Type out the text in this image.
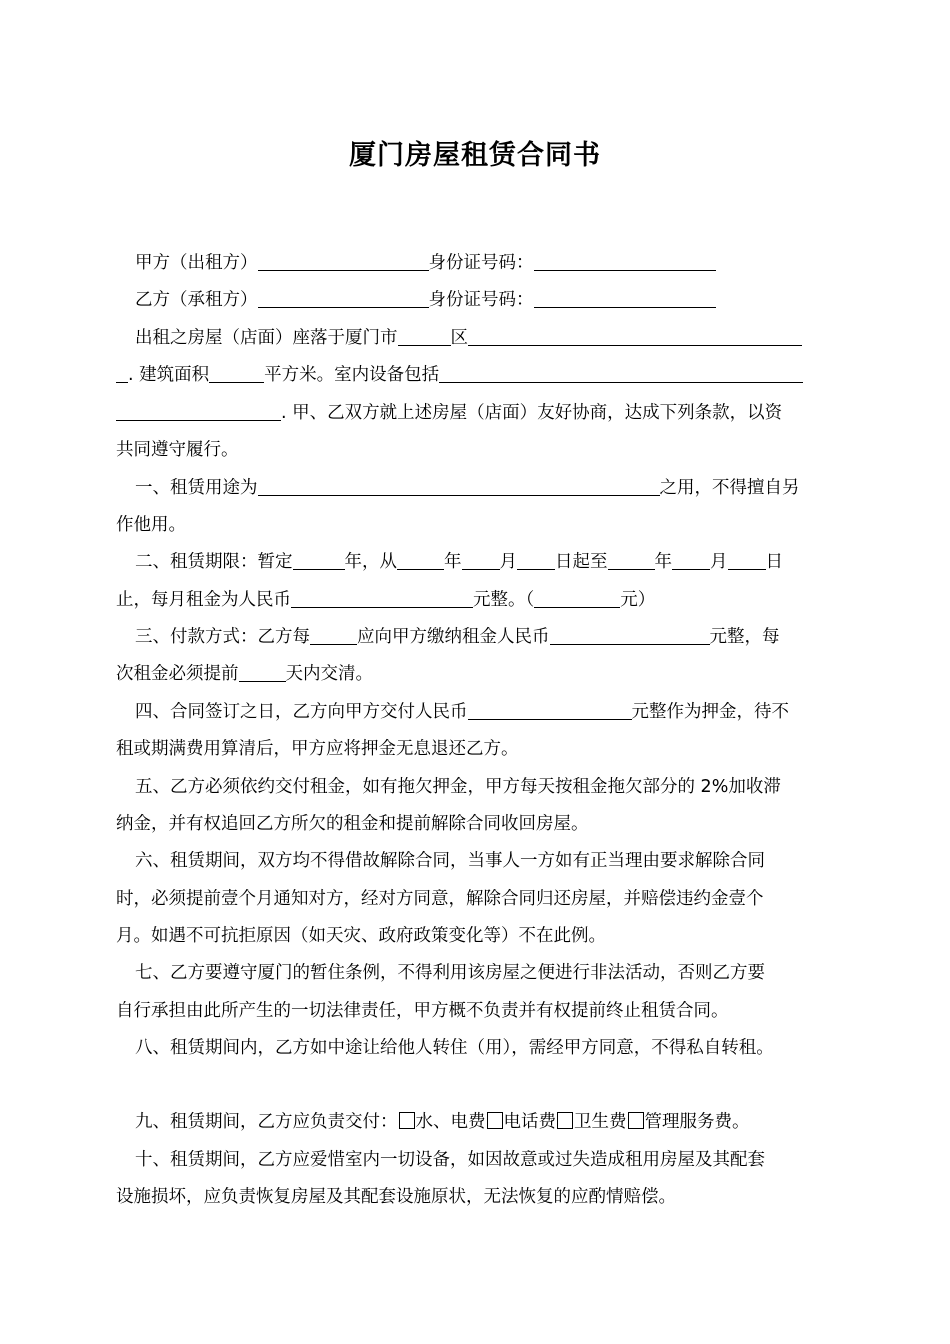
厦门房屋租赁合同书
甲方（出租方）	身份证号码：
乙方（承租方）	身份证号码：
出租之房屋（店面）座落于厦门市	区
. 建筑面积	平方米。室内设备包括
. 甲、乙双方就上述房屋（店面）友好协商，达成下列条款，以资
共同遵守履行。
一、租赁用途为	之用，不得擅自另
作他用。
二、租赁期限：暂定	年，从	年 月 日起至	年 月 日
止，每月租金为人民币	元整。（	元）
三、付款方式：乙方每	应向甲方缴纳租金人民币	元整，每
次租金必须提前	天内交清。
四、合同签订之日，乙方向甲方交付人民币	元整作为押金，待不
租或期满费用算清后，甲方应将押金无息退还乙方。
五、乙方必须依约交付租金，如有拖欠押金，甲方每天按租金拖欠部分的 2%加收滞
纳金，并有权追回乙方所欠的租金和提前解除合同收回房屋。
六、租赁期间，双方均不得借故解除合同，当事人一方如有正当理由要求解除合同
时，必须提前壹个月通知对方，经对方同意，解除合同归还房屋，并赔偿违约金壹个
月。如遇不可抗拒原因（如天灾、政府政策变化等）不在此例。
七、乙方要遵守厦门的暂住条例，不得利用该房屋之便进行非法活动，否则乙方要
自行承担由此所产生的一切法律责任，甲方概不负责并有权提前终止租赁合同。
八、租赁期间内，乙方如中途让给他人转住（用），需经甲方同意，不得私自转租。
九、租赁期间，乙方应负责交付： 水、电费 电话费 卫生费 管理服务费。
十、租赁期间，乙方应爱惜室内一切设备，如因故意或过失造成租用房屋及其配套
设施损坏，应负责恢复房屋及其配套设施原状，无法恢复的应酌情赔偿。
